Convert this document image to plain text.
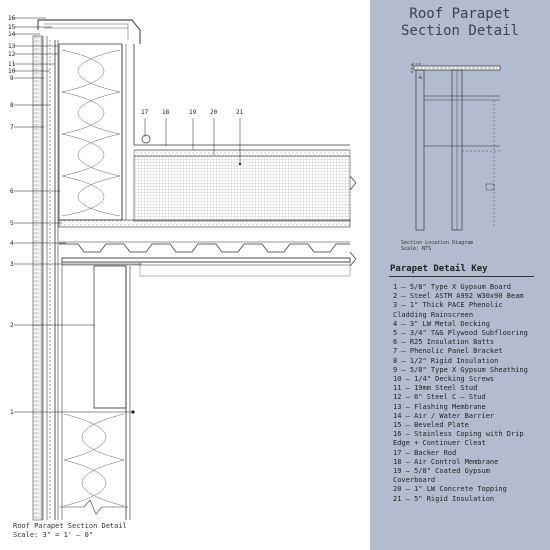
16
15
14
13
12
11
10
9
8
7
6
5
4
3
2
1
17 18	19 20	21
Roof Parapet Section Detail
Scale: 3" = 1' – 0"
Roof Parapet
Section Detail
Section Location Diagram
Scale: NTS
Parapet Detail Key
1 – 5/8" Type X Gypsum Board
2 – Steel ASTM A992 W30x90 Beam
3 – 1" Thick PACE Phenolic
Cladding Rainscreen
4 – 3" LW Metal Decking
5 – 3/4" T&G Plywood Subflooring
6 – R25 Insulation Batts
7 – Phenolic Panel Bracket
8 – 1/2" Rigid Insulation
9 – 5/8" Type X Gypsum Sheathing
10 – 1/4" Decking Screws
11 – 19mm Steel Stud
12 – 6" Steel C – Stud
13 – Flashing Membrane
14 – Air / Water Barrier
15 – Beveled Plate
16 – Stainless Coping with Drip
Edge + Continuer Cleat
17 – Backer Rod
18 – Air Control Membrane
19 – 5/8" Coated Gypsum
Coverboard
20 – 1" LW Concrete Topping
21 – 5" Rigid Insulation
